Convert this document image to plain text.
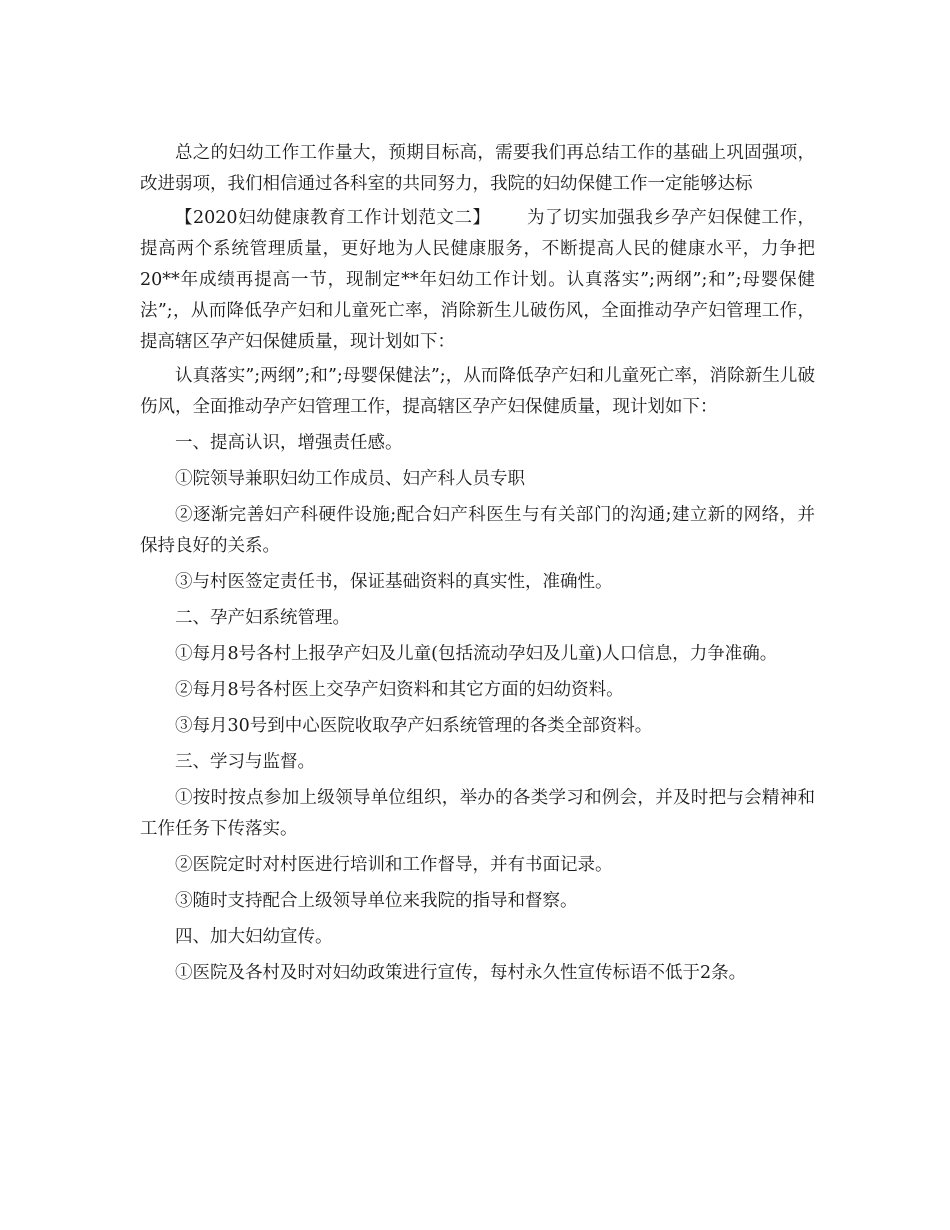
总之的妇幼工作工作量大，预期目标高，需要我们再总结工作的基础上巩固强项，改进弱项，我们相信通过各科室的共同努力，我院的妇幼保健工作一定能够达标

【2020妇幼健康教育工作计划范文二】 为了切实加强我乡孕产妇保健工作，提高两个系统管理质量，更好地为人民健康服务，不断提高人民的健康水平，力争把20**年成绩再提高一节，现制定**年妇幼工作计划。认真落实”;两纲”;和”;母婴保健法”;，从而降低孕产妇和儿童死亡率，消除新生儿破伤风，全面推动孕产妇管理工作，提高辖区孕产妇保健质量，现计划如下：

认真落实”;两纲”;和”;母婴保健法”;，从而降低孕产妇和儿童死亡率，消除新生儿破伤风，全面推动孕产妇管理工作，提高辖区孕产妇保健质量，现计划如下：

一、提高认识，增强责任感。

①院领导兼职妇幼工作成员、妇产科人员专职

②逐渐完善妇产科硬件设施;配合妇产科医生与有关部门的沟通;建立新的网络，并保持良好的关系。

③与村医签定责任书，保证基础资料的真实性，准确性。

二、孕产妇系统管理。

①每月8号各村上报孕产妇及儿童(包括流动孕妇及儿童)人口信息，力争准确。

②每月8号各村医上交孕产妇资料和其它方面的妇幼资料。

③每月30号到中心医院收取孕产妇系统管理的各类全部资料。

三、学习与监督。

①按时按点参加上级领导单位组织，举办的各类学习和例会，并及时把与会精神和工作任务下传落实。

②医院定时对村医进行培训和工作督导，并有书面记录。

③随时支持配合上级领导单位来我院的指导和督察。

四、加大妇幼宣传。

①医院及各村及时对妇幼政策进行宣传，每村永久性宣传标语不低于2条。
